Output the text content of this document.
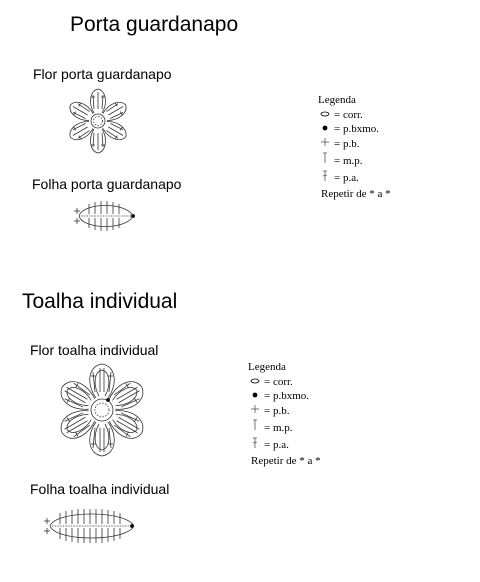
Porta guardanapo
Flor porta guardanapo
Folha porta guardanapo
Legenda
= corr.
= p.bxmo.
= p.b.
= m.p.
= p.a.
Repetir de * a *
Toalha individual
Flor toalha individual
Folha toalha individual
Legenda
= corr.
= p.bxmo.
= p.b.
= m.p.
= p.a.
Repetir de * a *
